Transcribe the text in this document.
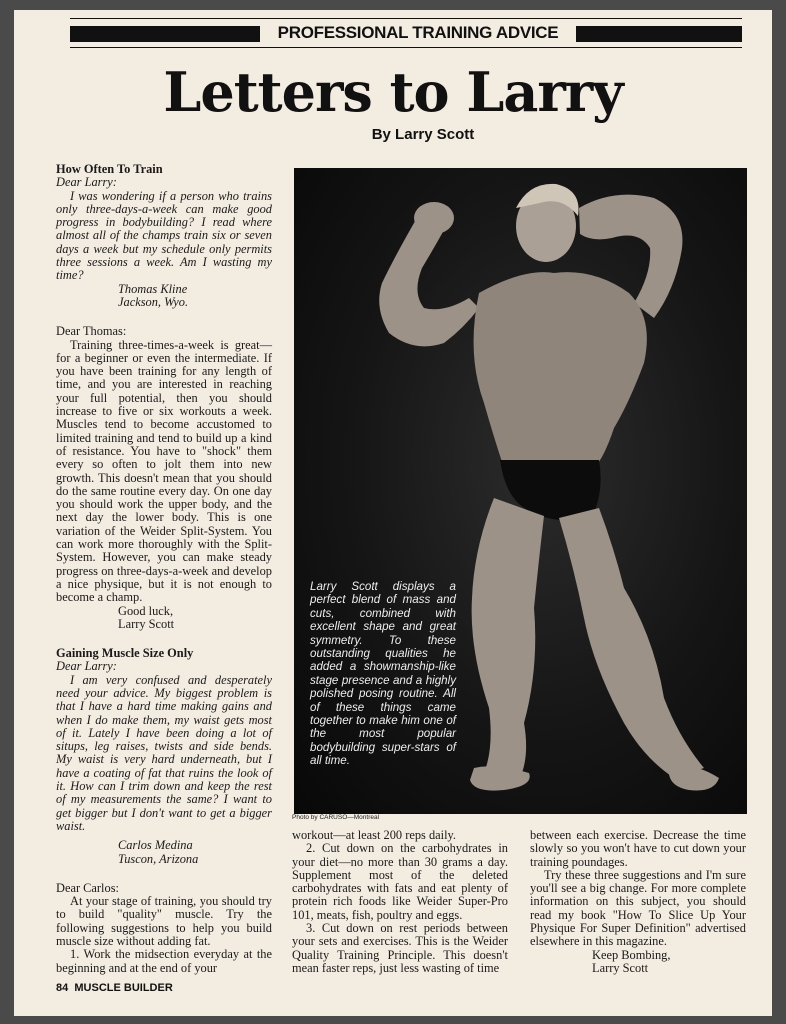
PROFESSIONAL TRAINING ADVICE
Letters to Larry
By Larry Scott

How Often To Train

Dear Larry:

I was wondering if a person who trains only three-days-a-week can make good progress in bodybuilding? I read where almost all of the champs train six or seven days a week but my schedule only permits three sessions a week. Am I wasting my time?

Thomas Kline

Jackson, Wyo.

Dear Thomas:

Training three-times-a-week is great—for a beginner or even the intermediate. If you have been training for any length of time, and you are interested in reaching your full potential, then you should increase to five or six workouts a week. Muscles tend to become accustomed to limited training and tend to build up a kind of resistance. You have to "shock" them every so often to jolt them into new growth. This doesn't mean that you should do the same routine every day. On one day you should work the upper body, and the next day the lower body. This is one variation of the Weider Split-System. You can work more thoroughly with the Split-System. However, you can make steady progress on three-days-a-week and develop a nice physique, but it is not enough to become a champ.

Good luck,

Larry Scott

Gaining Muscle Size Only

Dear Larry:

I am very confused and desperately need your advice. My biggest problem is that I have a hard time making gains and when I do make them, my waist gets most of it. Lately I have been doing a lot of situps, leg raises, twists and side bends. My waist is very hard underneath, but I have a coating of fat that ruins the look of it. How can I trim down and keep the rest of my measurements the same? I want to get bigger but I don't want to get a bigger waist.

Carlos Medina

Tuscon, Arizona

Dear Carlos:

At your stage of training, you should try to build "quality" muscle. Try the following suggestions to help you build muscle size without adding fat.

1. Work the midsection everyday at the beginning and at the end of your

Larry Scott displays a perfect blend of mass and cuts, combined with excellent shape and great symmetry. To these outstanding qualities he added a showmanship-like stage presence and a highly polished posing routine. All of these things came together to make him one of the most popular bodybuilding super-stars of all time.
Photo by CARUSO—Montreal

workout—at least 200 reps daily.

2. Cut down on the carbohydrates in your diet—no more than 30 grams a day. Supplement most of the deleted carbohydrates with fats and eat plenty of protein rich foods like Weider Super-Pro 101, meats, fish, poultry and eggs.

3. Cut down on rest periods between your sets and exercises. This is the Weider Quality Training Principle. This doesn't mean faster reps, just less wasting of time

between each exercise. Decrease the time slowly so you won't have to cut down your training poundages.

Try these three suggestions and I'm sure you'll see a big change. For more complete information on this subject, you should read my book "How To Slice Up Your Physique For Super Definition" advertised elsewhere in this magazine.

Keep Bombing,

Larry Scott

84 MUSCLE BUILDER
